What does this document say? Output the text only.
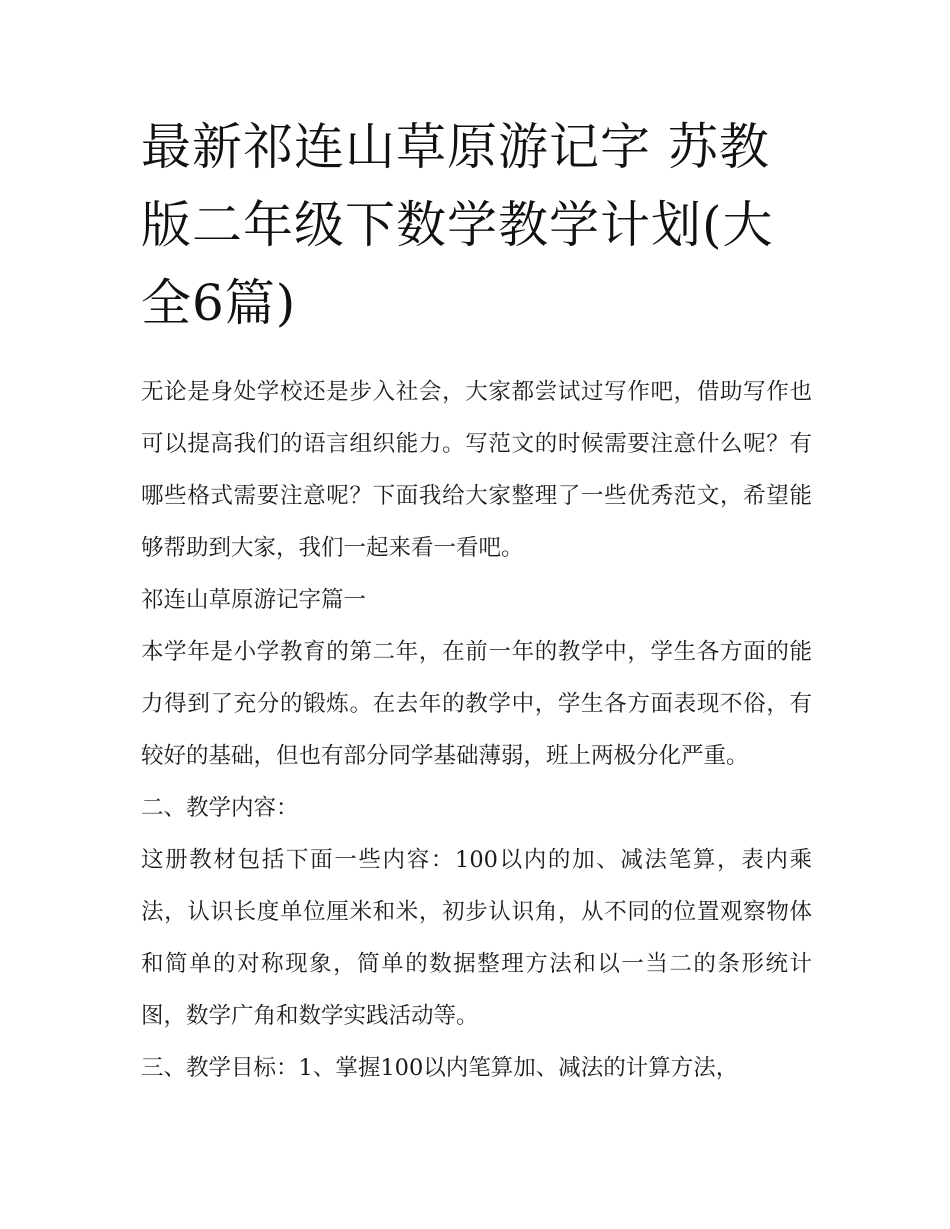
最新祁连山草原游记字 苏教版二年级下数学教学计划(大全6篇)

无论是身处学校还是步入社会，大家都尝试过写作吧，借助写作也可以提高我们的语言组织能力。写范文的时候需要注意什么呢？有哪些格式需要注意呢？下面我给大家整理了一些优秀范文，希望能够帮助到大家，我们一起来看一看吧。

祁连山草原游记字篇一

本学年是小学教育的第二年，在前一年的教学中，学生各方面的能力得到了充分的锻炼。在去年的教学中，学生各方面表现不俗，有较好的基础，但也有部分同学基础薄弱，班上两极分化严重。

二、教学内容：

这册教材包括下面一些内容：100以内的加、减法笔算，表内乘法，认识长度单位厘米和米，初步认识角，从不同的位置观察物体和简单的对称现象，简单的数据整理方法和以一当二的条形统计图，数学广角和数学实践活动等。

三、教学目标：1、掌握100以内笔算加、减法的计算方法，
